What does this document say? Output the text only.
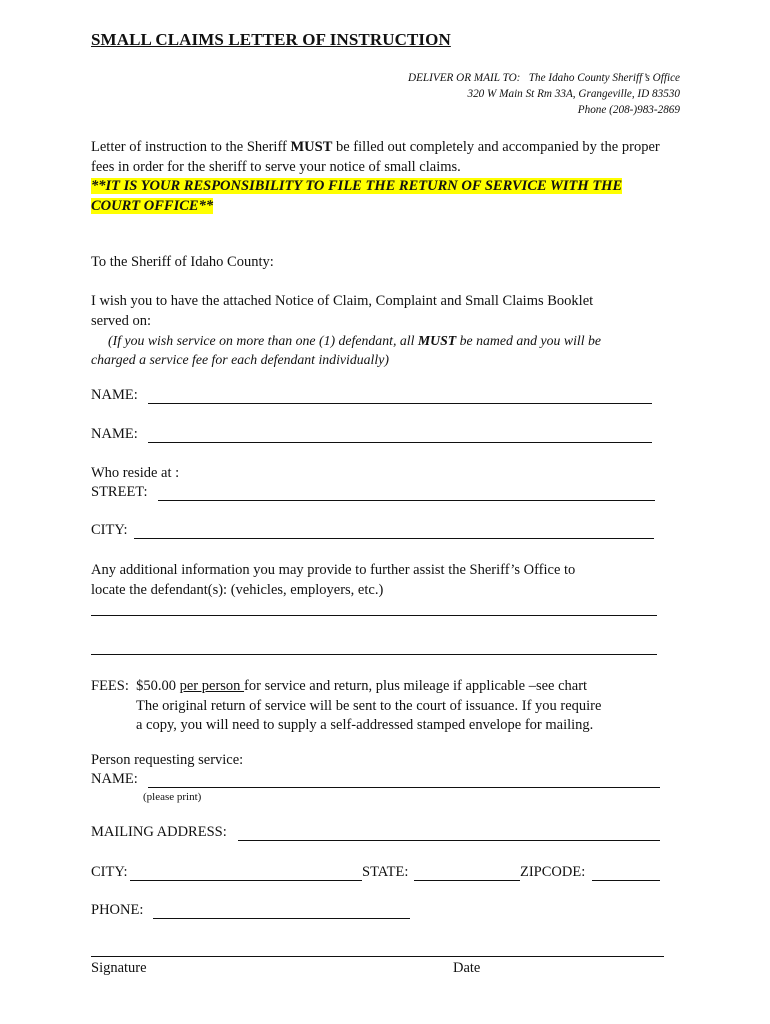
SMALL CLAIMS LETTER OF INSTRUCTION
DELIVER OR MAIL TO: The Idaho County Sheriff’s Office
320 W Main St Rm 33A, Grangeville, ID 83530
Phone (208-)983-2869
Letter of instruction to the Sheriff MUST be filled out completely and accompanied by the proper fees in order for the sheriff to serve your notice of small claims.
**IT IS YOUR RESPONSIBILITY TO FILE THE RETURN OF SERVICE WITH THE
COURT OFFICE**
To the Sheriff of Idaho County:
I wish you to have the attached Notice of Claim, Complaint and Small Claims Booklet
served on:
(If you wish service on more than one (1) defendant, all MUST be named and you will be
charged a service fee for each defendant individually)
NAME:
NAME:
Who reside at :
STREET:
CITY:
Any additional information you may provide to further assist the Sheriff’s Office to
locate the defendant(s): (vehicles, employers, etc.)
FEES: $50.00 per person for service and return, plus mileage if applicable –see chart
The original return of service will be sent to the court of issuance. If you require
a copy, you will need to supply a self-addressed stamped envelope for mailing.
Person requesting service:
NAME:
(please print)
MAILING ADDRESS:
CITY:	STATE:	ZIPCODE:
PHONE:
Signature	Date
